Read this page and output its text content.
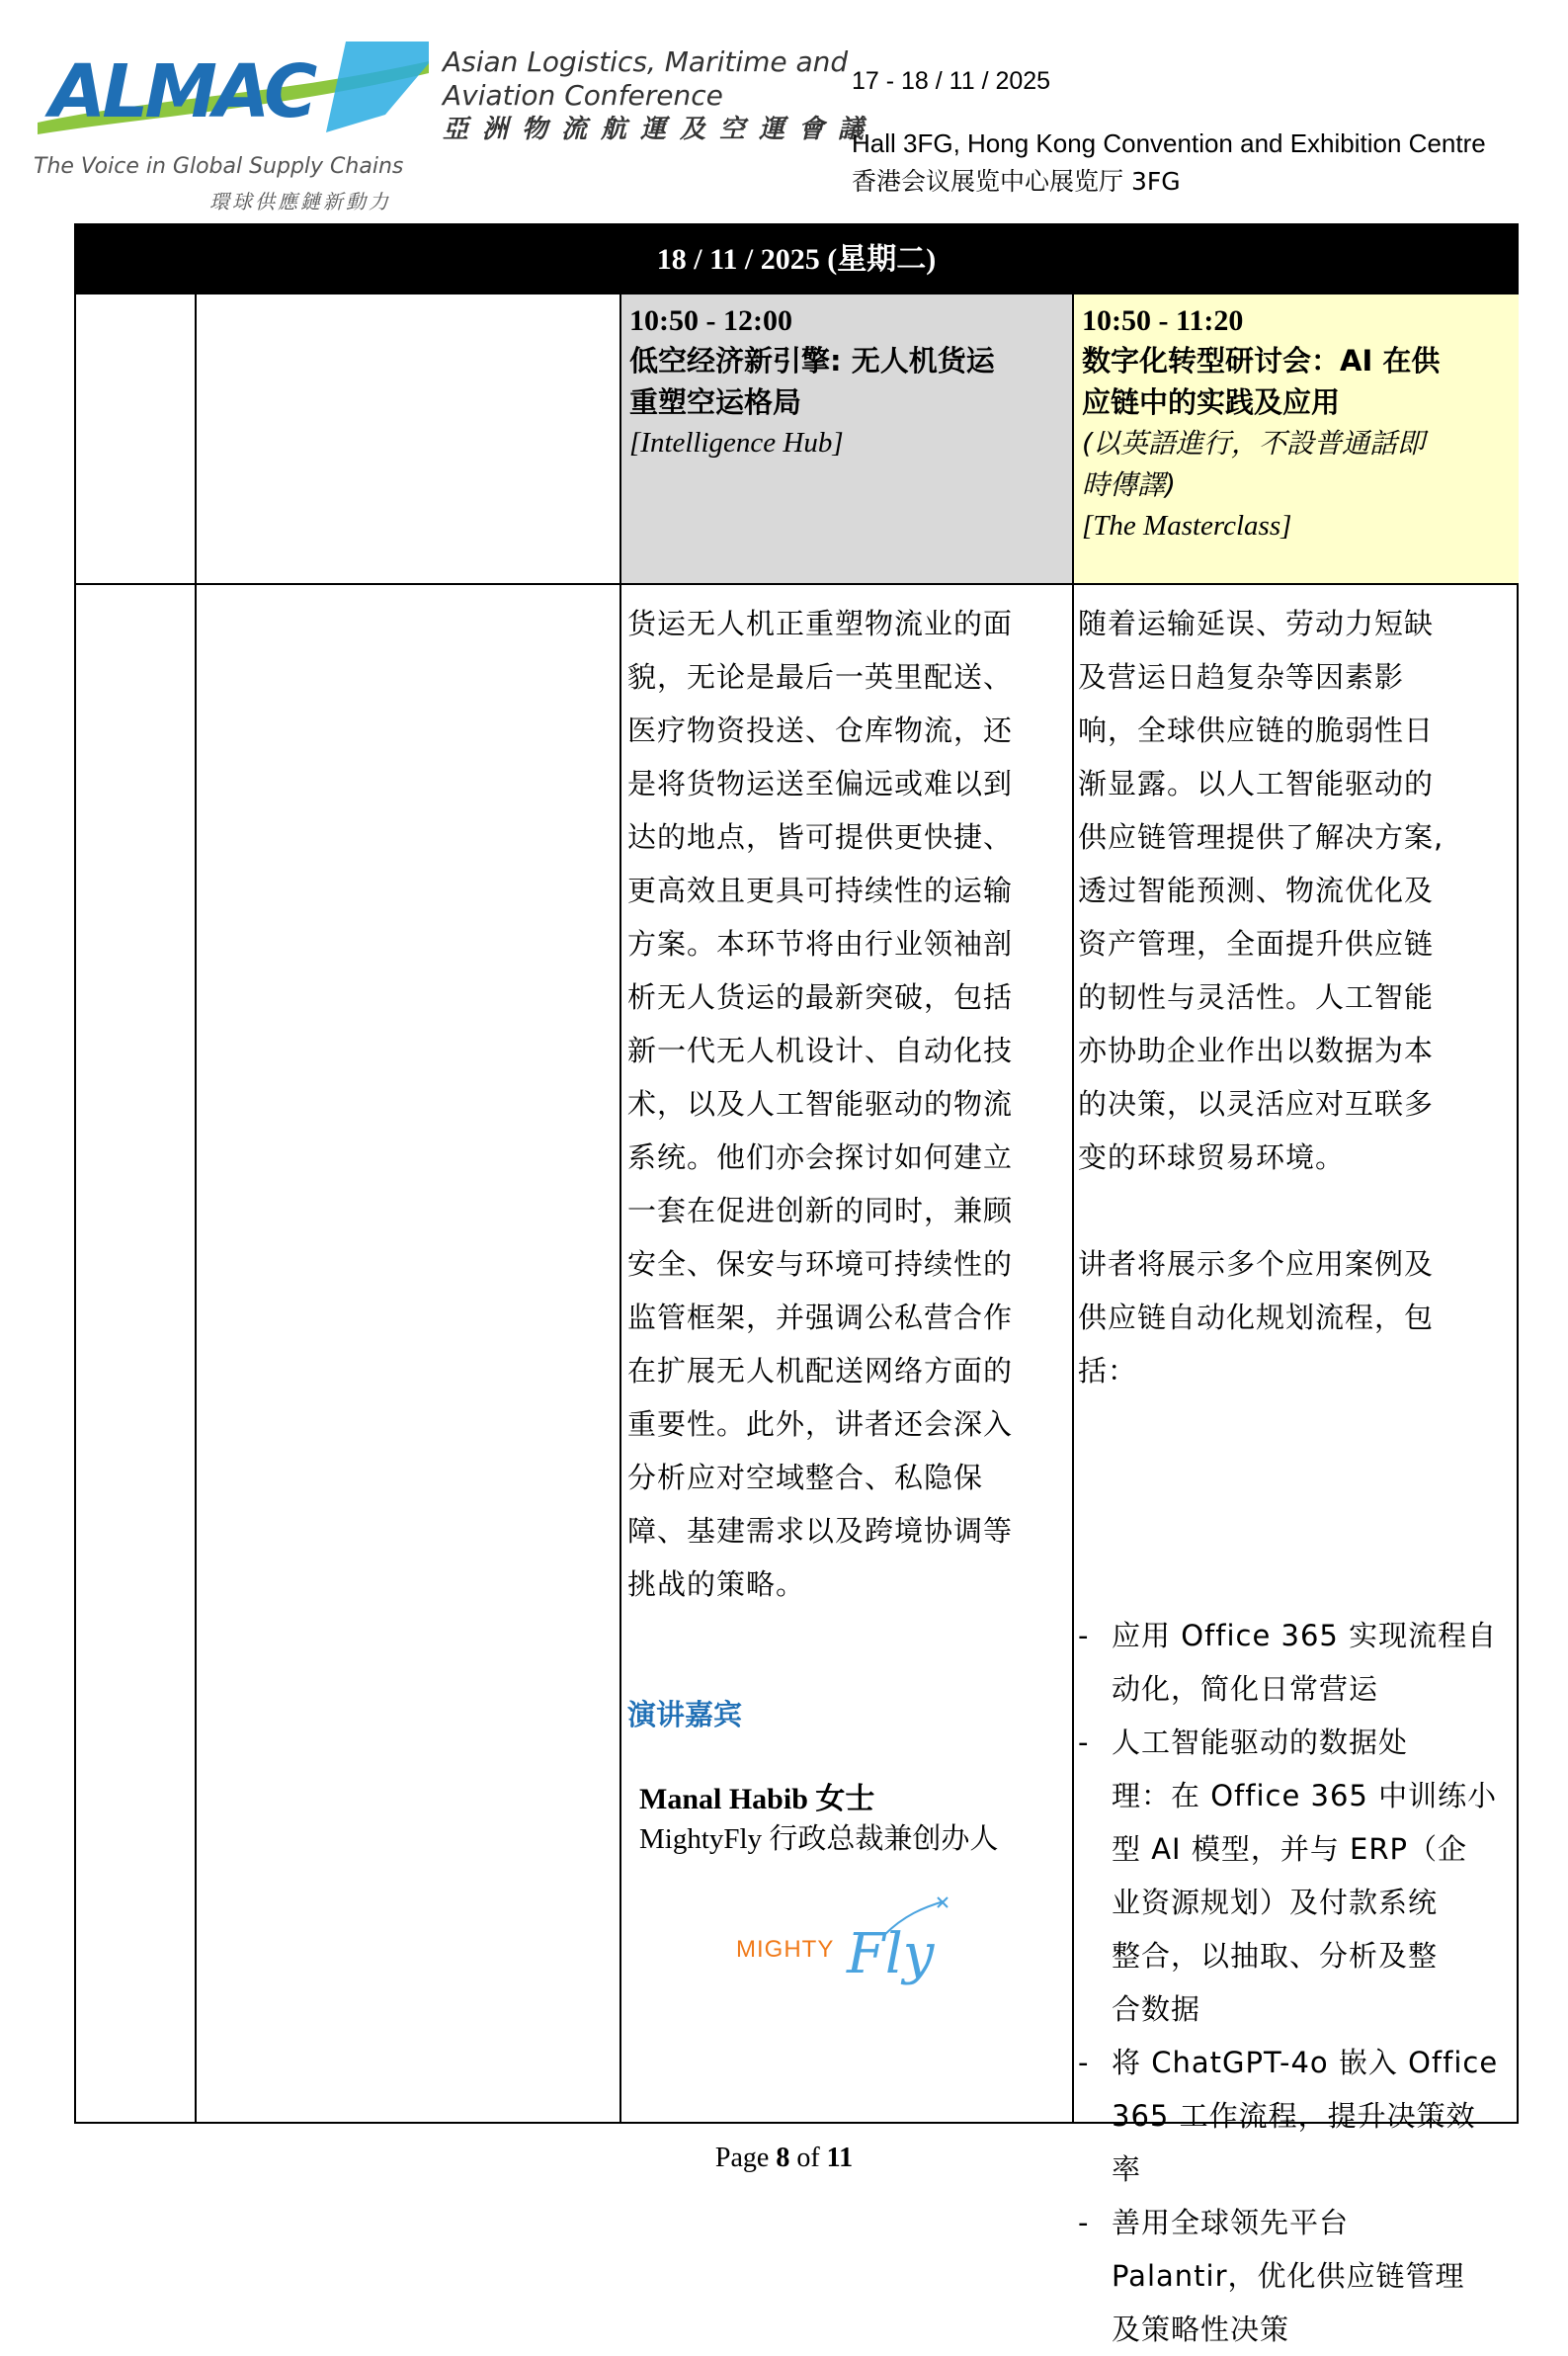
ALMAC	Asian Logistics, Maritime and
Aviation Conference
亞洲物流航運及空運會議
The Voice in Global Supply Chains
環球供應鏈新動力
17 - 18 / 11 / 2025
Hall 3FG, Hong Kong Convention and Exhibition Centre
香港会议展览中心展览厅 3FG
18 / 11 / 2025 (星期二)
10:50 - 12:00
低空经济新引擎: 无人机货运
重塑空运格局
[Intelligence Hub]
10:50 - 11:20
数字化转型研讨会：AI 在供
应链中的实践及应用
(以英語進行，不設普通話即
時傳譯)
[The Masterclass]
货运无人机正重塑物流业的面
貌，无论是最后一英里配送、
医疗物资投送、仓库物流，还
是将货物运送至偏远或难以到
达的地点，皆可提供更快捷、
更高效且更具可持续性的运输
方案。本环节将由行业领袖剖
析无人货运的最新突破，包括
新一代无人机设计、自动化技
术，以及人工智能驱动的物流
系统。他们亦会探讨如何建立
一套在促进创新的同时，兼顾
安全、保安与环境可持续性的
监管框架，并强调公私营合作
在扩展无人机配送网络方面的
重要性。此外，讲者还会深入
分析应对空域整合、私隐保
障、基建需求以及跨境协调等
挑战的策略。
演讲嘉宾
Manal Habib 女士
MightyFly 行政总裁兼创办人
MIGHTY Fly
随着运输延误、劳动力短缺
及营运日趋复杂等因素影
响，全球供应链的脆弱性日
渐显露。以人工智能驱动的
供应链管理提供了解决方案,
透过智能预测、物流优化及
资产管理，全面提升供应链
的韧性与灵活性。人工智能
亦协助企业作出以数据为本
的决策，以灵活应对互联多
变的环球贸易环境。
讲者将展示多个应用案例及
供应链自动化规划流程，包
括：
- 应用 Office 365 实现流程自
动化，简化日常营运
- 人工智能驱动的数据处
理：在 Office 365 中训练小
型 AI 模型，并与 ERP（企
业资源规划）及付款系统
整合，以抽取、分析及整
合数据
- 将 ChatGPT-4o 嵌入 Office
365 工作流程，提升决策效
率
- 善用全球领先平台
Palantir，优化供应链管理
及策略性决策
Page 8 of 11
